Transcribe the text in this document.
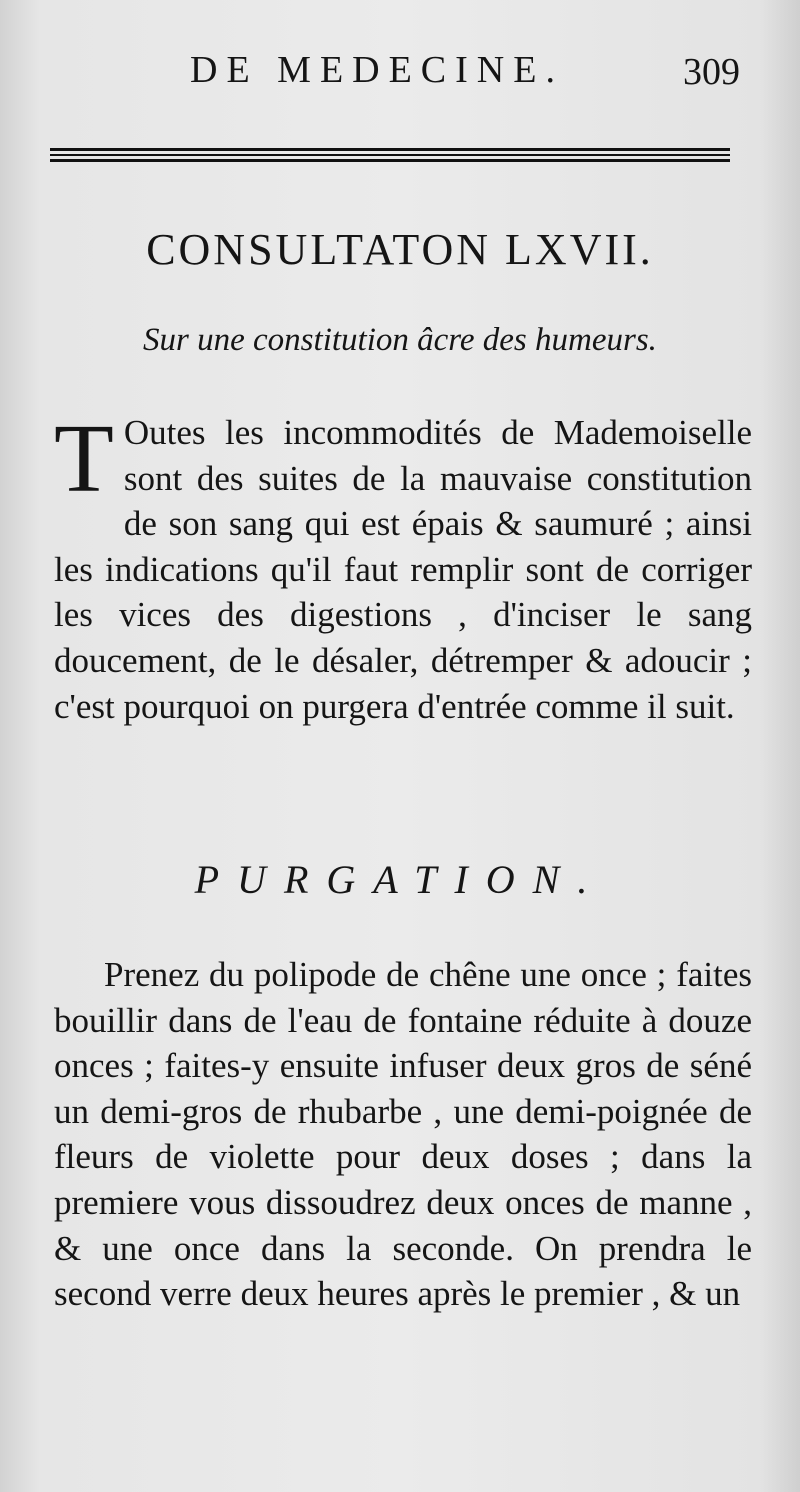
DE MEDECINE.	309
CONSULTATON LXVII.
Sur une constitution âcre des humeurs.
T Outes les incommodités de Mademoiselle sont des suites de la mauvaise constitution de son sang qui est épais & saumuré ; ainsi les indications qu'il faut remplir sont de corriger les vices des digestions , d'inciser le sang doucement, de le désaler, détremper & adoucir ; c'est pourquoi on purgera d'entrée comme il suit.
PURGATION.
Prenez du polipode de chêne une once ; faites bouillir dans de l'eau de fontaine réduite à douze onces ; faites-y ensuite infuser deux gros de séné un demi-gros de rhubarbe , une demi-poignée de fleurs de violette pour deux doses ; dans la premiere vous dissoudrez deux onces de manne , & une once dans la seconde. On prendra le second verre deux heures après le premier , & un
